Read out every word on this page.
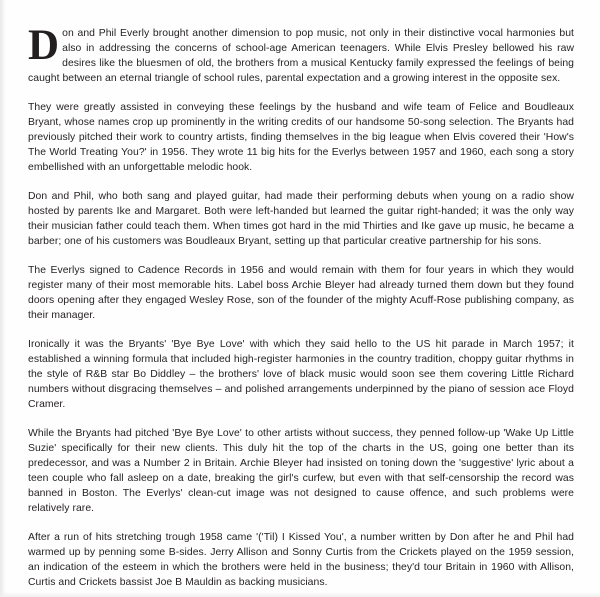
Don and Phil Everly brought another dimension to pop music, not only in their distinctive vocal harmonies but also in addressing the concerns of school-age American teenagers. While Elvis Presley bellowed his raw desires like the bluesmen of old, the brothers from a musical Kentucky family expressed the feelings of being caught between an eternal triangle of school rules, parental expectation and a growing interest in the opposite sex.

They were greatly assisted in conveying these feelings by the husband and wife team of Felice and Boudleaux Bryant, whose names crop up prominently in the writing credits of our handsome 50-song selection. The Bryants had previously pitched their work to country artists, finding themselves in the big league when Elvis covered their 'How's The World Treating You?' in 1956. They wrote 11 big hits for the Everlys between 1957 and 1960, each song a story embellished with an unforgettable melodic hook.

Don and Phil, who both sang and played guitar, had made their performing debuts when young on a radio show hosted by parents Ike and Margaret. Both were left-handed but learned the guitar right-handed; it was the only way their musician father could teach them. When times got hard in the mid Thirties and Ike gave up music, he became a barber; one of his customers was Boudleaux Bryant, setting up that particular creative partnership for his sons.

The Everlys signed to Cadence Records in 1956 and would remain with them for four years in which they would register many of their most memorable hits. Label boss Archie Bleyer had already turned them down but they found doors opening after they engaged Wesley Rose, son of the founder of the mighty Acuff-Rose publishing company, as their manager.

Ironically it was the Bryants' 'Bye Bye Love' with which they said hello to the US hit parade in March 1957; it established a winning formula that included high-register harmonies in the country tradition, choppy guitar rhythms in the style of R&B star Bo Diddley – the brothers' love of black music would soon see them covering Little Richard numbers without disgracing themselves – and polished arrangements underpinned by the piano of session ace Floyd Cramer.

While the Bryants had pitched 'Bye Bye Love' to other artists without success, they penned follow-up 'Wake Up Little Suzie' specifically for their new clients. This duly hit the top of the charts in the US, going one better than its predecessor, and was a Number 2 in Britain. Archie Bleyer had insisted on toning down the 'suggestive' lyric about a teen couple who fall asleep on a date, breaking the girl's curfew, but even with that self-censorship the record was banned in Boston. The Everlys' clean-cut image was not designed to cause offence, and such problems were relatively rare.

After a run of hits stretching trough 1958 came '('Til) I Kissed You', a number written by Don after he and Phil had warmed up by penning some B-sides. Jerry Allison and Sonny Curtis from the Crickets played on the 1959 session, an indication of the esteem in which the brothers were held in the business; they'd tour Britain in 1960 with Allison, Curtis and Crickets bassist Joe B Mauldin as backing musicians.
